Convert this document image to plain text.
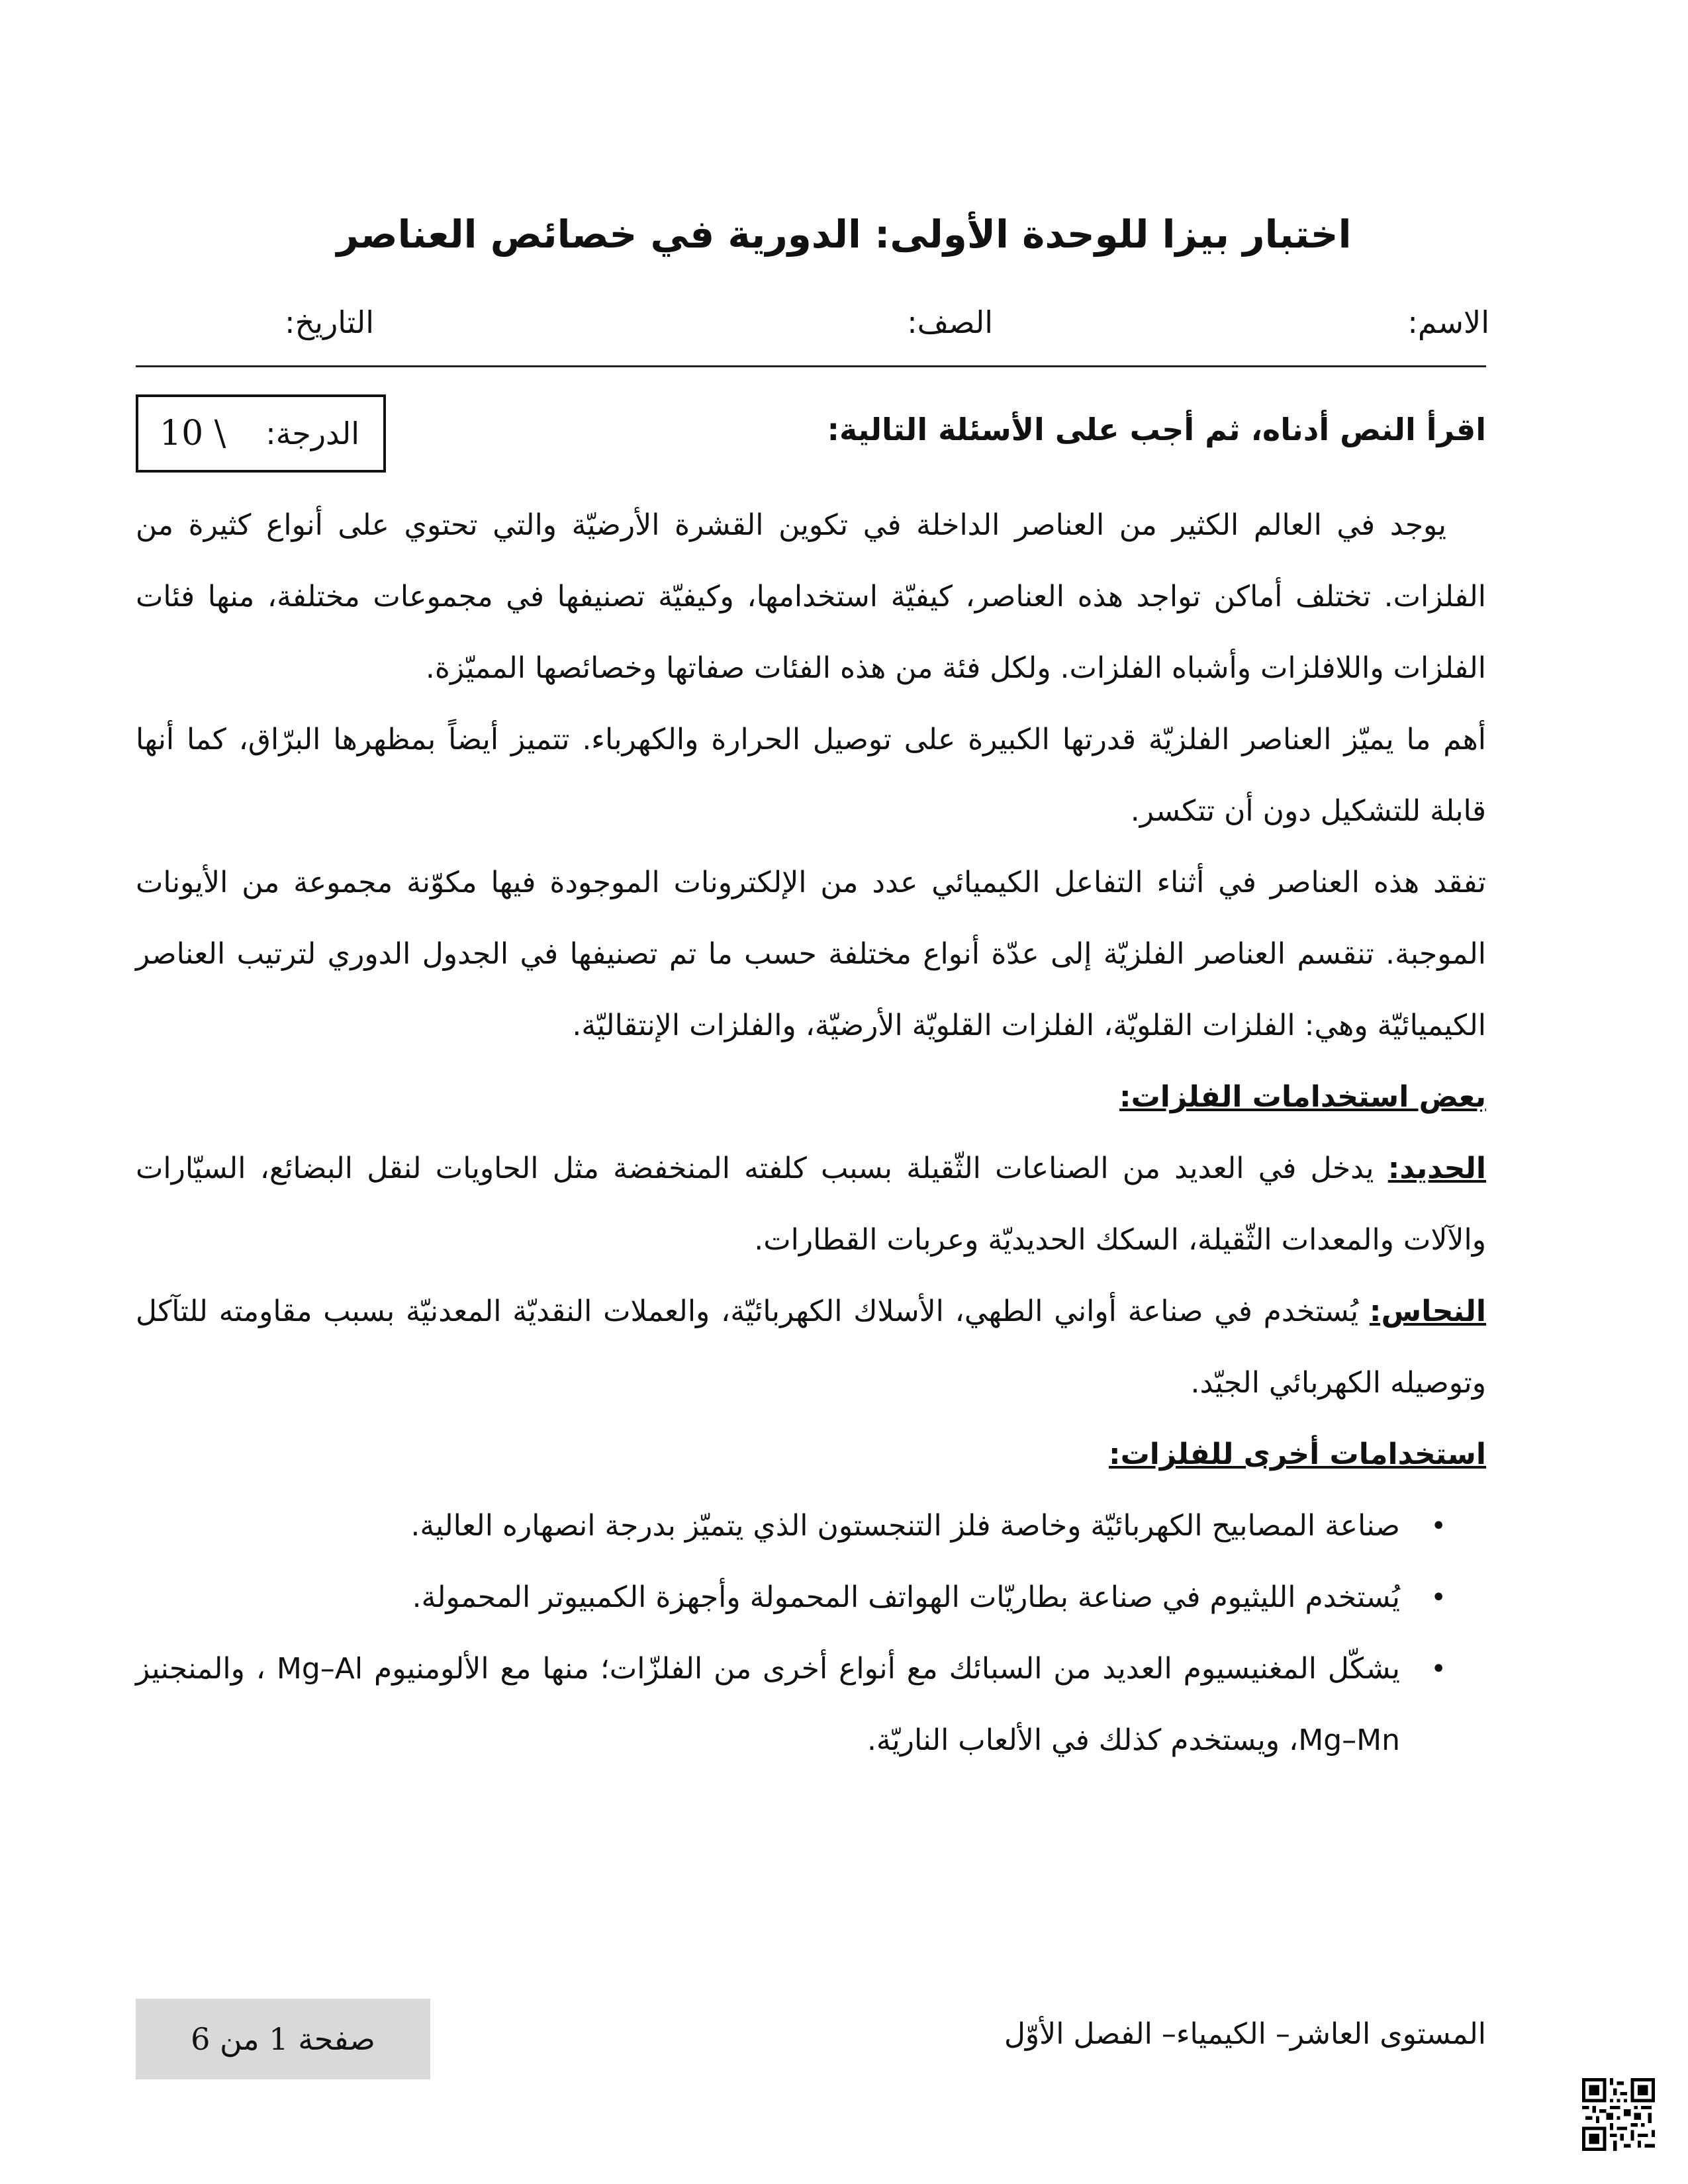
اختبار بيزا للوحدة الأولى: الدورية في خصائص العناصر
الاسم:
الصف:
التاريخ:
الدرجة:
10 \	اقرأ النص أدناه، ثم أجب على الأسئلة التالية:

يوجد في العالم الكثير من العناصر الداخلة في تكوين القشرة الأرضيّة والتي تحتوي على أنواع كثيرة من الفلزات. تختلف أماكن تواجد هذه العناصر، كيفيّة استخدامها، وكيفيّة تصنيفها في مجموعات مختلفة، منها فئات الفلزات واللافلزات وأشباه الفلزات. ولكل فئة من هذه الفئات صفاتها وخصائصها المميّزة.

أهم ما يميّز العناصر الفلزيّة قدرتها الكبيرة على توصيل الحرارة والكهرباء. تتميز أيضاً بمظهرها البرّاق، كما أنها قابلة للتشكيل دون أن تتكسر.

تفقد هذه العناصر في أثناء التفاعل الكيميائي عدد من الإلكترونات الموجودة فيها مكوّنة مجموعة من الأيونات الموجبة. تنقسم العناصر الفلزيّة إلى عدّة أنواع مختلفة حسب ما تم تصنيفها في الجدول الدوري لترتيب العناصر الكيميائيّة وهي: الفلزات القلويّة، الفلزات القلويّة الأرضيّة، والفلزات الإنتقاليّة.

بعض استخدامات الفلزات:

الحديد: يدخل في العديد من الصناعات الثّقيلة بسبب كلفته المنخفضة مثل الحاويات لنقل البضائع، السيّارات والآلات والمعدات الثّقيلة، السكك الحديديّة وعربات القطارات.

النحاس: يُستخدم في صناعة أواني الطهي، الأسلاك الكهربائيّة، والعملات النقديّة المعدنيّة بسبب مقاومته للتآكل وتوصيله الكهربائي الجيّد.

استخدامات أخرى للفلزات:

• صناعة المصابيح الكهربائيّة وخاصة فلز التنجستون الذي يتميّز بدرجة انصهاره العالية.
• يُستخدم الليثيوم في صناعة بطاريّات الهواتف المحمولة وأجهزة الكمبيوتر المحمولة.
• يشكّل المغنيسيوم العديد من السبائك مع أنواع أخرى من الفلزّات؛ منها مع الألومنيوم Mg–Al ، والمنجنيز Mg–Mn، ويستخدم كذلك في الألعاب الناريّة.
صفحة 1 من 6	المستوى العاشر– الكيمياء– الفصل الأوّل
